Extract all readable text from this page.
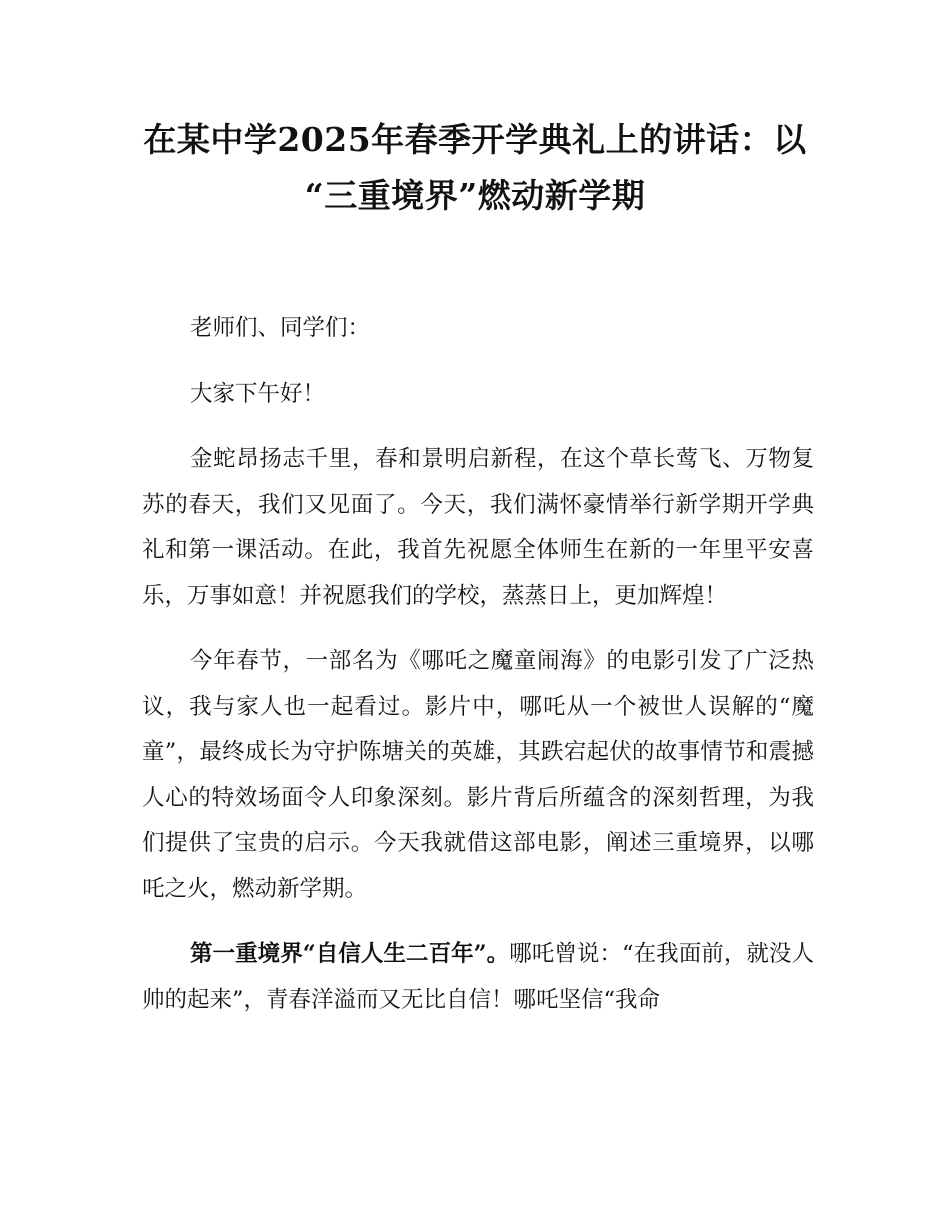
在某中学2025年春季开学典礼上的讲话：以
“三重境界”燃动新学期

老师们、同学们：

大家下午好！

金蛇昂扬志千里，春和景明启新程，在这个草长莺飞、万物复苏的春天，我们又见面了。今天，我们满怀豪情举行新学期开学典礼和第一课活动。在此，我首先祝愿全体师生在新的一年里平安喜乐，万事如意！并祝愿我们的学校，蒸蒸日上，更加辉煌！

今年春节，一部名为《哪吒之魔童闹海》的电影引发了广泛热议，我与家人也一起看过。影片中，哪吒从一个被世人误解的“魔童”，最终成长为守护陈塘关的英雄，其跌宕起伏的故事情节和震撼人心的特效场面令人印象深刻。影片背后所蕴含的深刻哲理，为我们提供了宝贵的启示。今天我就借这部电影，阐述三重境界，以哪吒之火，燃动新学期。

第一重境界“自信人生二百年”。哪吒曾说：“在我面前，就没人帅的起来”，青春洋溢而又无比自信！哪吒坚信“我命
